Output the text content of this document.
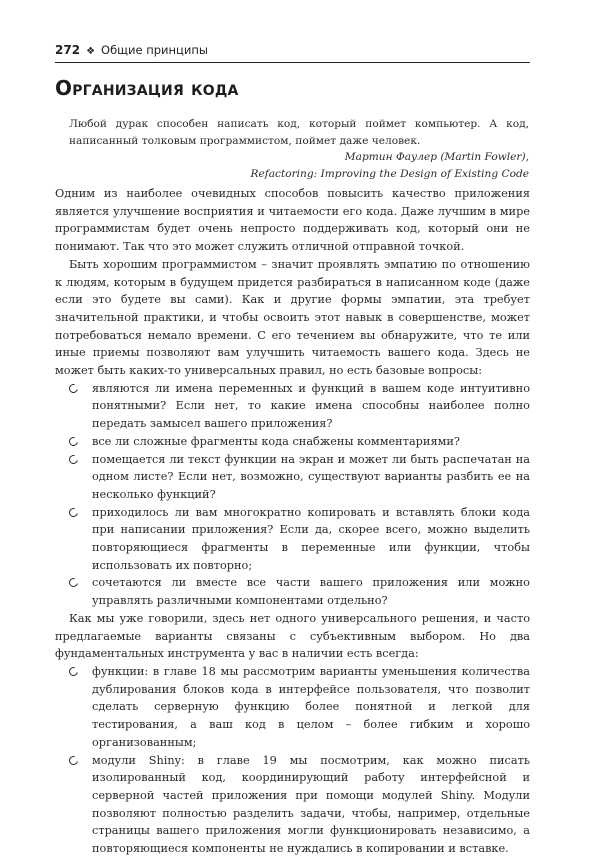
272 ❖ Общие принципы
Организация кода
Любой дурак способен написать код, который поймет компьютер. А код, написанный толковым программистом, поймет даже человек.
Мартин Фаулер (Martin Fowler),
Refactoring: Improving the Design of Existing Code

Одним из наиболее очевидных способов повысить качество приложения является улучшение восприятия и читаемости его кода. Даже лучшим в мире программистам будет очень непросто поддерживать код, который они не понимают. Так что это может служить отличной отправной точкой.

Быть хорошим программистом – значит проявлять эмпатию по отношению к людям, которым в будущем придется разбираться в написанном коде (даже если это будете вы сами). Как и другие формы эмпатии, эта требует значительной практики, и чтобы освоить этот навык в совершенстве, может потребоваться немало времени. С его течением вы обнаружите, что те или иные приемы позволяют вам улучшить читаемость вашего кода. Здесь не может быть каких-то универсальных правил, но есть базовые вопросы:

являются ли имена переменных и функций в вашем коде интуитивно понятными? Если нет, то какие имена способны наиболее полно передать замысел вашего приложения?
все ли сложные фрагменты кода снабжены комментариями?
помещается ли текст функции на экран и может ли быть распечатан на одном листе? Если нет, возможно, существуют варианты разбить ее на несколько функций?
приходилось ли вам многократно копировать и вставлять блоки кода при написании приложения? Если да, скорее всего, можно выделить повторяющиеся фрагменты в переменные или функции, чтобы использовать их повторно;
сочетаются ли вместе все части вашего приложения или можно управлять различными компонентами отдельно?

Как мы уже говорили, здесь нет одного универсального решения, и часто предлагаемые варианты связаны с субъективным выбором. Но два фундаментальных инструмента у вас в наличии есть всегда:

функции: в главе 18 мы рассмотрим варианты уменьшения количества дублирования блоков кода в интерфейсе пользователя, что позволит сделать серверную функцию более понятной и легкой для тестирования, а ваш код в целом – более гибким и хорошо организованным;
модули Shiny: в главе 19 мы посмотрим, как можно писать изолированный код, координирующий работу интерфейсной и серверной частей приложения при помощи модулей Shiny. Модули позволяют полностью разделить задачи, чтобы, например, отдельные страницы вашего приложения могли функционировать независимо, а повторяющиеся компоненты не нуждались в копировании и вставке.
